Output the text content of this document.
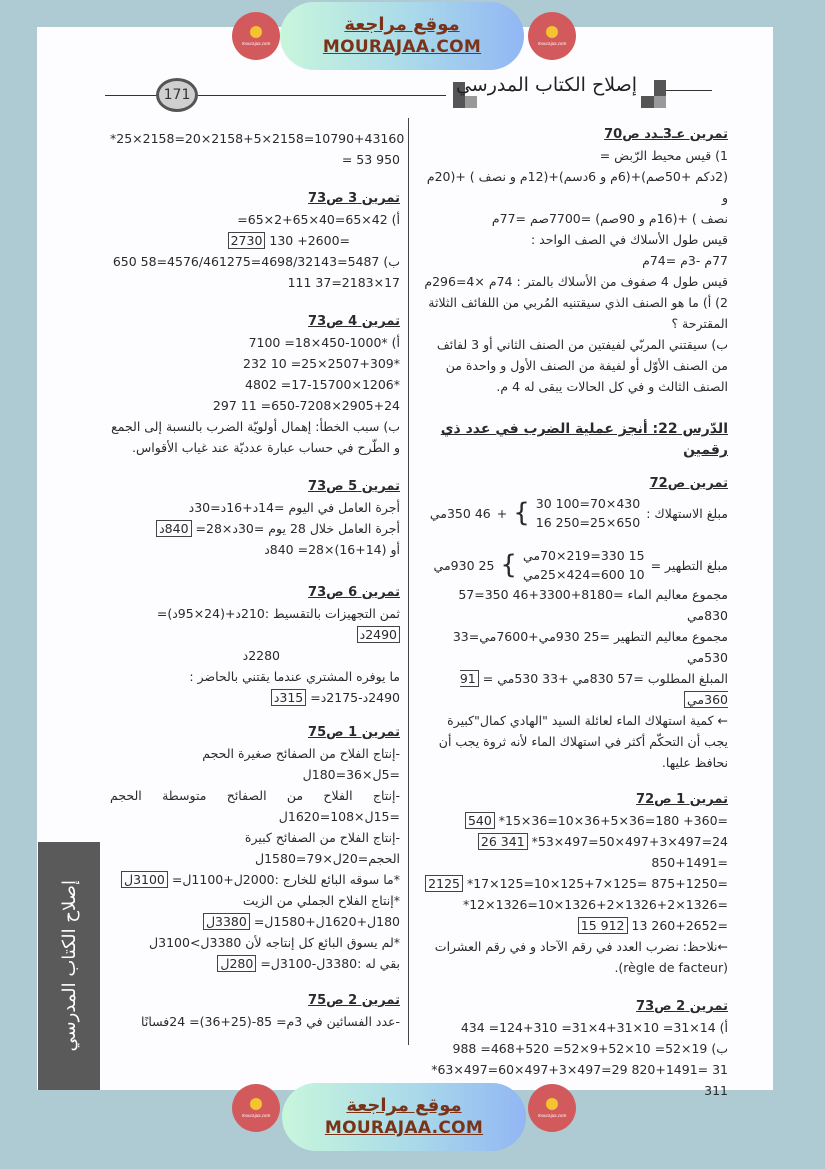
mourajaa.com
موقع مراجعة
MOURAJAA.COM	mourajaa.com
171	إصلاح الكتاب المدرسي
تمرين عـ3ـدد ص70
1) قيس محيط الرّبض =
(2دكم +50صم)+(6م و 6دسم)+(12م و نصف ) +(20م و
نصف ) +(16م و 90صم) =7700صم =77م
قيس طول الأسلاك في الصف الواحد :
77م -3م =74م
قيس طول 4 صفوف من الأسلاك بالمتر : 74م ×4=296م
2) أ) ما هو الصنف الذي سيقتنيه المُربي من اللفائف الثلاثة المقترحة ؟
ب) سيقتني المربّي لفيفتين من الصنف الثاني أو 3 لفائف من الصنف الأوّل أو لفيفة من الصنف الأول و واحدة من الصنف الثالث و في كل الحالات يبقى له 4 م.
الدّرس 22: أنجز عملية الضرب في عدد ذي رقمين
تمرين ص72
مبلغ الاستهلاك :
30 100=70×430
16 250=25×650
}
+
46 350مي
مبلغ التطهير =
15 330=219×70مي
10 600=424×25مي
}
25 930مي
مجموع معاليم الماء =8180+3300+46 350=57 830مي
مجموع معاليم التطهير =25 930مي+7600مي=33 530مي
المبلغ المطلوب =57 830مي +33 530مي = 91 360مي
← كمية استهلاك الماء لعائلة السيد "الهادي كمال"كبيرة يجب أن التحكّم أكثر في استهلاك الماء لأنه ثروة يجب أن نحافظ عليها.
تمرين 1 ص72
540 *15×36=10×36+5×36=180 +360=
26 341 *53×497=50×497+3×497=24 850+1491=
2125 *17×125=10×125+7×125= 875+1250=
*12×1326=10×1326+2×1326+2×1326=
15 912 13 260+2652=
←نلاحظ: نضرب العدد في رقم الآحاد و في رقم العشرات
(règle de facteur).
تمرين 2 ص73
أ) 14×31= 10×31+4×31= 310+124= 434
ب) 19×52= 10×52+9×52= 520+468= 988
*63×497=60×497+3×497=29 820+1491= 31 311
*25×2158=20×2158+5×2158=10790+43160
= 53 950
تمرين 3 ص73
أ) 42×65=40×65+2×65=
2730 130 +2600=
ب) 5487=4698/32143=4576/461275=58 650
17×2183=37 111
تمرين 4 ص73
أ) *1000-450×18= 7100
*2507+309×25= 10 232
*1206×17-15700= 4802
2905+24×650-7208= 11 297
ب) سبب الخطأ: إهمال أولويّة الضرب بالنسبة إلى الجمع و الطّرح في حساب عبارة عدديّة عند غياب الأقواس.
تمرين 5 ص73
أجرة العامل في اليوم =14د+16د=30د
أجرة العامل خلال 28 يوم =30د×28= 840د
أو (14+16)×28= 840د
تمرين 6 ص73
ثمن التجهيزات بالتقسيط :210د+(24×95د)= 2490د
2280د
ما يوفره المشتري عندما يقتني بالحاضر :
2490د-2175د= 315د
تمرين 1 ص75
-إنتاج الفلاح من الصفائح صغيرة الحجم =5ل×36=180ل
-إنتاج الفلاح من الصفائح متوسطة الحجم =15ل×108=1620ل
-إنتاج الفلاح من الصفائح كبيرة الحجم=20ل×79=1580ل
*ما سوقه البائع للخارج :2000ل+1100ل= 3100ل
*إنتاج الفلاح الجملي من الزيت
180ل+1620ل+1580ل= 3380ل
*لم يسوق البائع كل إنتاجه لأن 3380ل>3100ل
بقي له :3380ل-3100ل= 280ل
تمرين 2 ص75
-عدد الفسائين في 3م= 85-(25+36)= 24فسانًا
إصلاح الكتاب المدرسي
mourajaa.com	موقع مراجعة
MOURAJAA.COM
mourajaa.com
